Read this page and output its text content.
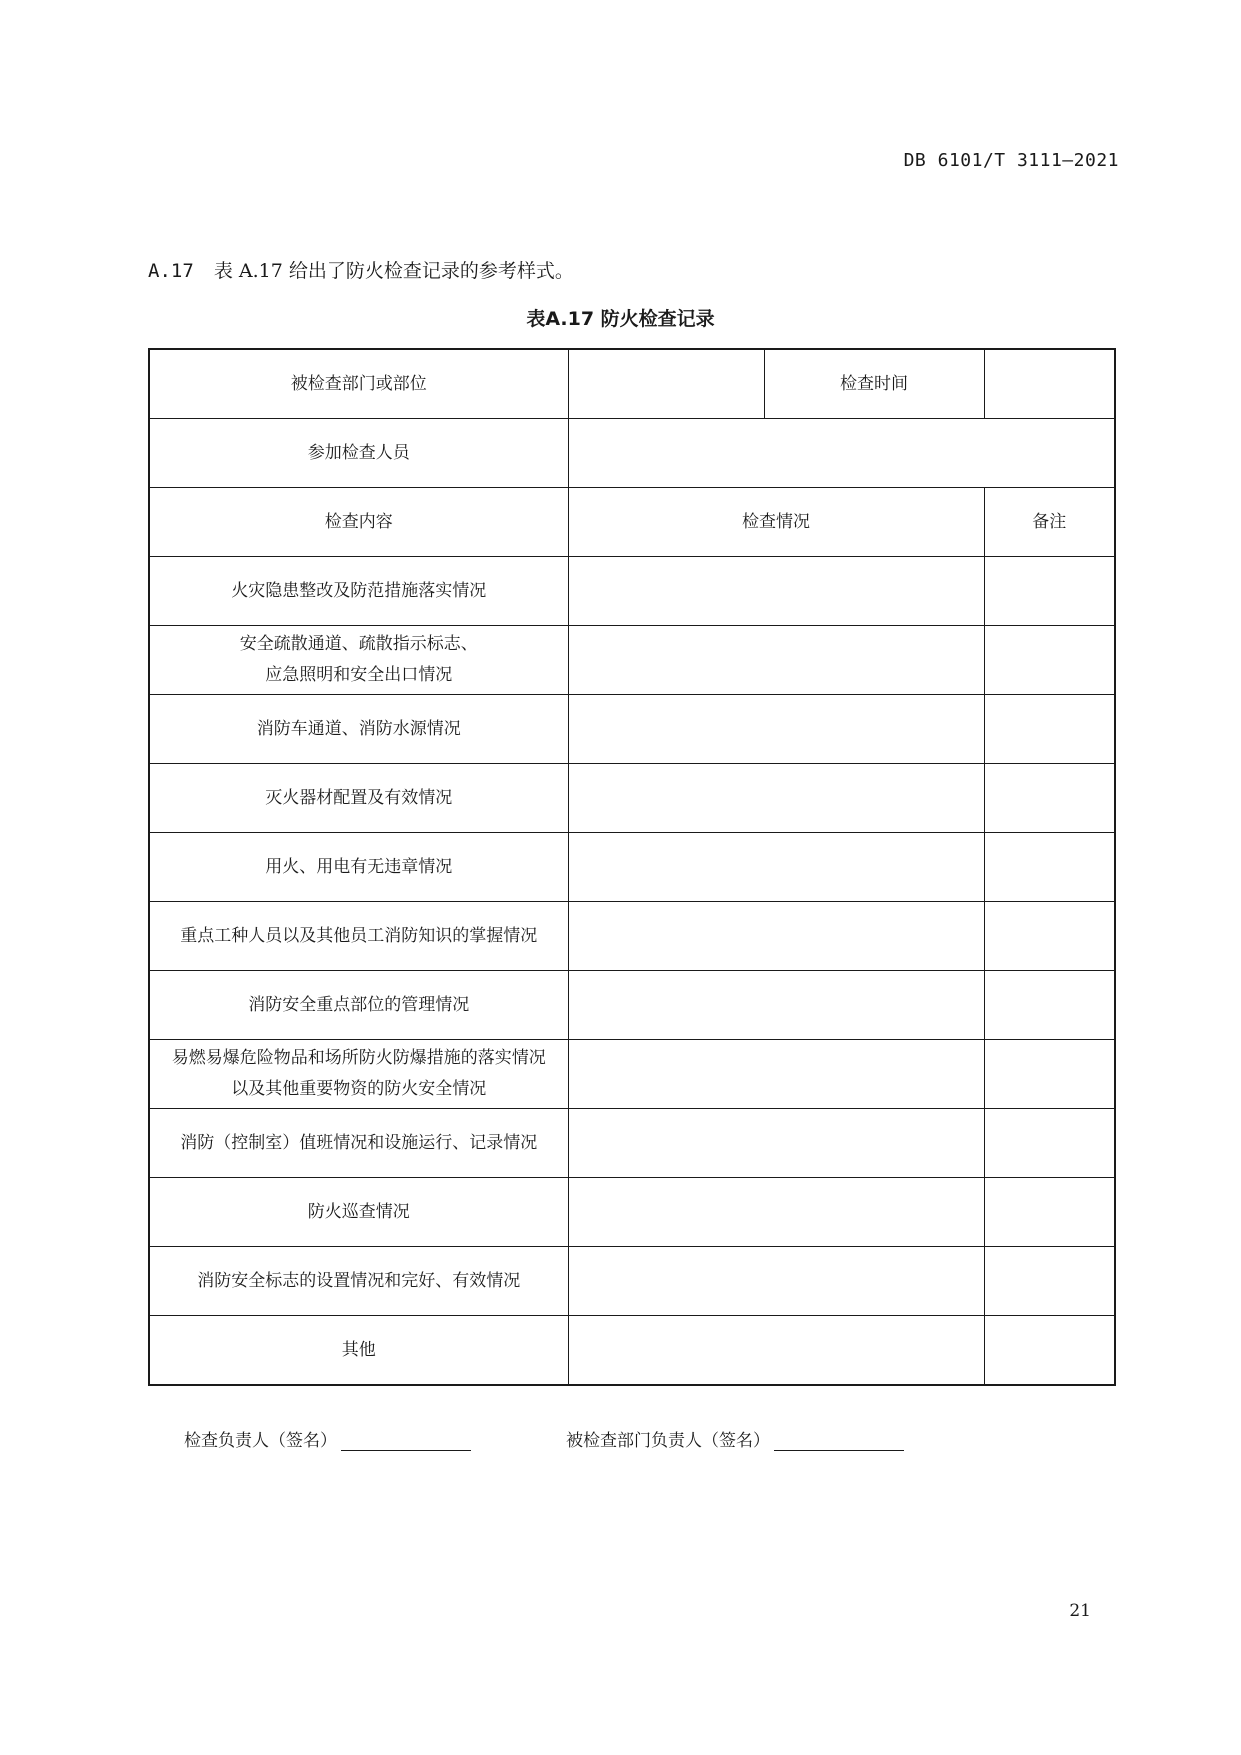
DB 6101/T 3111—2021
A.17 表 A.17 给出了防火检查记录的参考样式。
表A.17 防火检查记录
被检查部门或部位		检查时间	
参加检查人员			
检查内容	检查情况		备注

火灾隐患整改及防范措施落实情况			

安全疏散通道、疏散指示标志、
应急照明和安全出口情况			

消防车通道、消防水源情况			

灭火器材配置及有效情况			

用火、用电有无违章情况			

重点工种人员以及其他员工消防知识的掌握情况			

消防安全重点部位的管理情况			

易燃易爆危险物品和场所防火防爆措施的落实情况
以及其他重要物资的防火安全情况			

消防（控制室）值班情况和设施运行、记录情况			

防火巡查情况			

消防安全标志的设置情况和完好、有效情况			

其他			

检查负责人（签名）	被检查部门负责人（签名）
21
